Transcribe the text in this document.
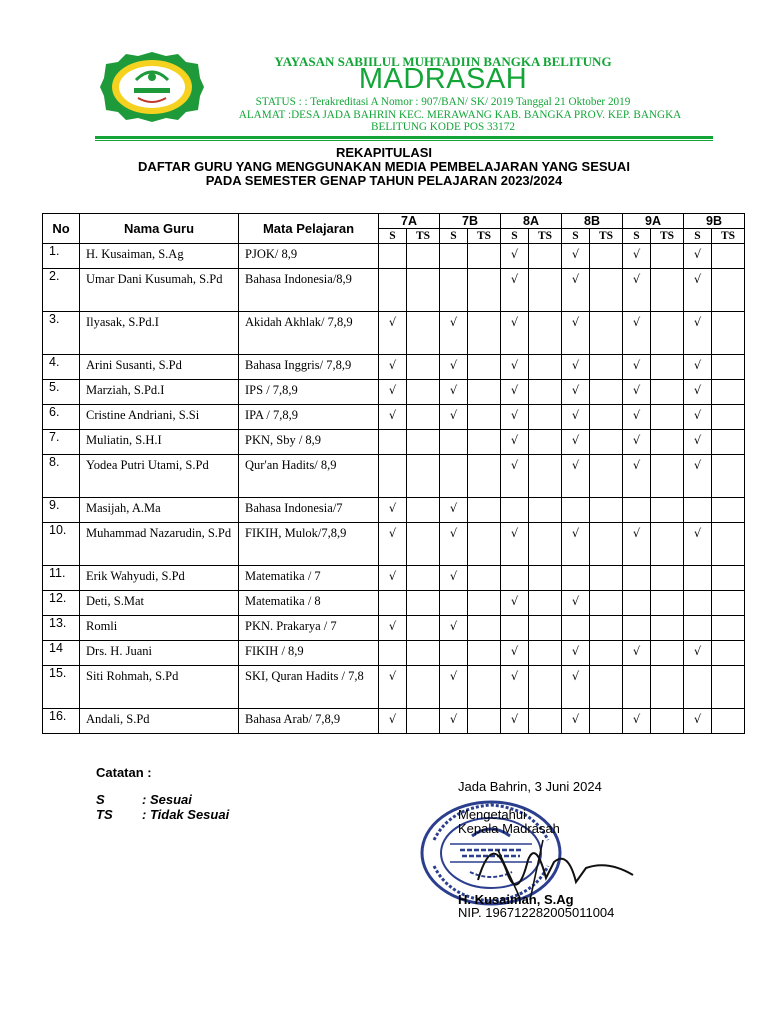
YAYASAN SABIILUL MUHTADIIN BANGKA BELITUNG
MADRASAH
STATUS : : Terakreditasi A Nomor : 907/BAN/ SK/ 2019 Tanggal 21 Oktober 2019
ALAMAT :DESA JADA BAHRIN KEC. MERAWANG KAB. BANGKA PROV. KEP. BANGKA
BELITUNG KODE POS 33172
REKAPITULASI
DAFTAR GURU YANG MENGGUNAKAN MEDIA PEMBELAJARAN YANG SESUAI
PADA SEMESTER GENAP TAHUN PELAJARAN 2023/2024
No	Nama Guru	Mata Pelajaran	7A		7B		8A		8B		9A		9B	
			S	TS	S	TS	S	TS	S	TS	S	TS	S	TS
1.	H. Kusaiman, S.Ag	PJOK/ 8,9					√		√		√		√	
2.	Umar Dani Kusumah, S.Pd	Bahasa Indonesia/8,9					√		√		√		√	
3.	Ilyasak, S.Pd.I	Akidah Akhlak/ 7,8,9	√		√		√		√		√		√	
4.	Arini Susanti, S.Pd	Bahasa Inggris/ 7,8,9	√		√		√		√		√		√	
5.	Marziah, S.Pd.I	IPS / 7,8,9	√		√		√		√		√		√	
6.	Cristine Andriani, S.Si	IPA / 7,8,9	√		√		√		√		√		√	
7.	Muliatin, S.H.I	PKN, Sby / 8,9					√		√		√		√	
8.	Yodea Putri Utami, S.Pd	Qur'an Hadits/ 8,9					√		√		√		√	
9.	Masijah, A.Ma	Bahasa Indonesia/7	√		√									
10.	Muhammad Nazarudin, S.Pd	FIKIH, Mulok/7,8,9	√		√		√		√		√		√	
11.	Erik Wahyudi, S.Pd	Matematika / 7	√		√									
12.	Deti, S.Mat	Matematika / 8					√		√					
13.	Romli	PKN. Prakarya / 7	√		√									
14	Drs. H. Juani	FIKIH / 8,9					√		√		√		√	
15.	Siti Rohmah, S.Pd	SKI, Quran Hadits / 7,8	√		√		√		√					
16.	Andali, S.Pd	Bahasa Arab/ 7,8,9	√		√		√		√		√		√	
Catatan :
S	: Sesuai
TS : Tidak Sesuai
Jada Bahrin, 3 Juni 2024
Mengetahui
Kepala Madrasah
H. Kusaiman, S.Ag
NIP. 196712282005011004
